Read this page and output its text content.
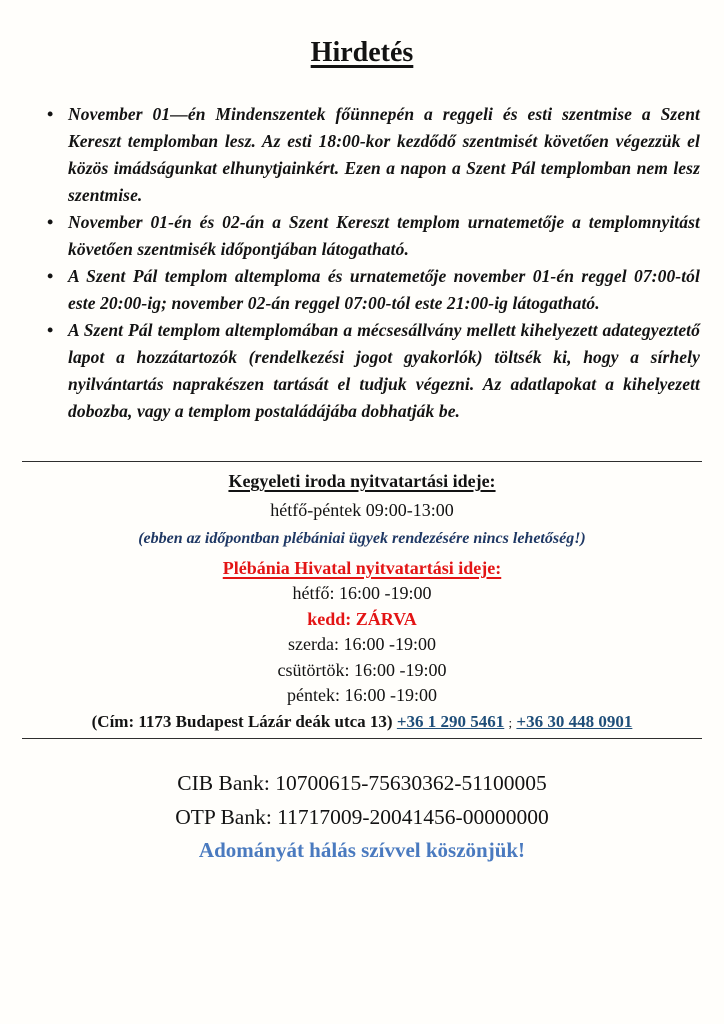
Hirdetés
• November 01—én Mindenszentek főünnepén a reggeli és esti szentmise a Szent Kereszt templomban lesz. Az esti 18:00-kor kezdődő szentmisét követően végezzük el közös imádságunkat elhunytjainkért. Ezen a napon a Szent Pál templomban nem lesz szentmise.
• November 01-én és 02-án a Szent Kereszt templom urnatemetője a templomnyitást követően szentmisék időpontjában látogatható.
• A Szent Pál templom altemploma és urnatemetője november 01-én reggel 07:00-tól este 20:00-ig; november 02-án reggel 07:00-tól este 21:00-ig látogatható.
• A Szent Pál templom altemplomában a mécsesállvány mellett kihelyezett adategyeztető lapot a hozzátartozók (rendelkezési jogot gyakorlók) töltsék ki, hogy a sírhely nyilvántartás naprakészen tartását el tudjuk végezni. Az adatlapokat a kihelyezett dobozba, vagy a templom postaládájába dobhatják be.
Kegyeleti iroda nyitvatartási ideje:
hétfő-péntek 09:00-13:00
(ebben az időpontban plébániai ügyek rendezésére nincs lehetőség!)
Plébánia Hivatal nyitvatartási ideje:
hétfő: 16:00 -19:00
kedd: ZÁRVA
szerda: 16:00 -19:00
csütörtök: 16:00 -19:00
péntek: 16:00 -19:00
(Cím: 1173 Budapest Lázár deák utca 13) +36 1 290 5461 ; +36 30 448 0901
CIB Bank: 10700615-75630362-51100005
OTP Bank: 11717009-20041456-00000000
Adományát hálás szívvel köszönjük!
